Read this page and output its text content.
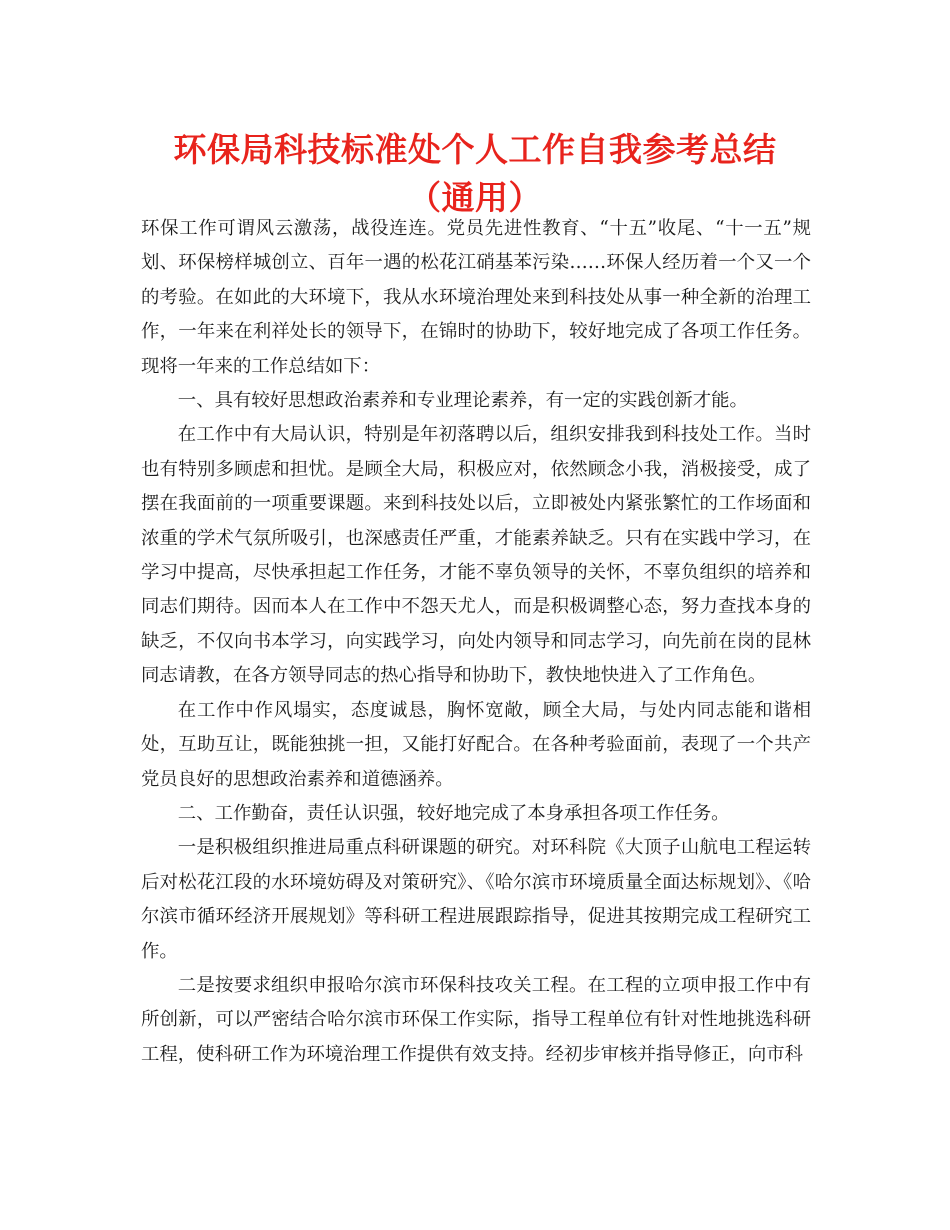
环保局科技标准处个人工作自我参考总结（通用）

环保工作可谓风云激荡，战役连连。党员先进性教育、“十五”收尾、“十一五”规划、环保榜样城创立、百年一遇的松花江硝基苯污染……环保人经历着一个又一个的考验。在如此的大环境下，我从水环境治理处来到科技处从事一种全新的治理工作，一年来在利祥处长的领导下，在锦时的协助下，较好地完成了各项工作任务。现将一年来的工作总结如下：

一、具有较好思想政治素养和专业理论素养，有一定的实践创新才能。

在工作中有大局认识，特别是年初落聘以后，组织安排我到科技处工作。当时也有特别多顾虑和担忧。是顾全大局，积极应对，依然顾念小我，消极接受，成了摆在我面前的一项重要课题。来到科技处以后，立即被处内紧张繁忙的工作场面和浓重的学术气氛所吸引，也深感责任严重，才能素养缺乏。只有在实践中学习，在学习中提高，尽快承担起工作任务，才能不辜负领导的关怀，不辜负组织的培养和同志们期待。因而本人在工作中不怨天尤人，而是积极调整心态，努力查找本身的缺乏，不仅向书本学习，向实践学习，向处内领导和同志学习，向先前在岗的昆林同志请教，在各方领导同志的热心指导和协助下，教快地快进入了工作角色。

在工作中作风塌实，态度诚恳，胸怀宽敞，顾全大局，与处内同志能和谐相处，互助互让，既能独挑一担，又能打好配合。在各种考验面前，表现了一个共产党员良好的思想政治素养和道德涵养。

二、工作勤奋，责任认识强，较好地完成了本身承担各项工作任务。

一是积极组织推进局重点科研课题的研究。对环科院《大顶子山航电工程运转后对松花江段的水环境妨碍及对策研究》、《哈尔滨市环境质量全面达标规划》、《哈尔滨市循环经济开展规划》等科研工程进展跟踪指导，促进其按期完成工程研究工作。

二是按要求组织申报哈尔滨市环保科技攻关工程。在工程的立项申报工作中有所创新，可以严密结合哈尔滨市环保工作实际，指导工程单位有针对性地挑选科研工程，使科研工作为环境治理工作提供有效支持。经初步审核并指导修正，向市科
